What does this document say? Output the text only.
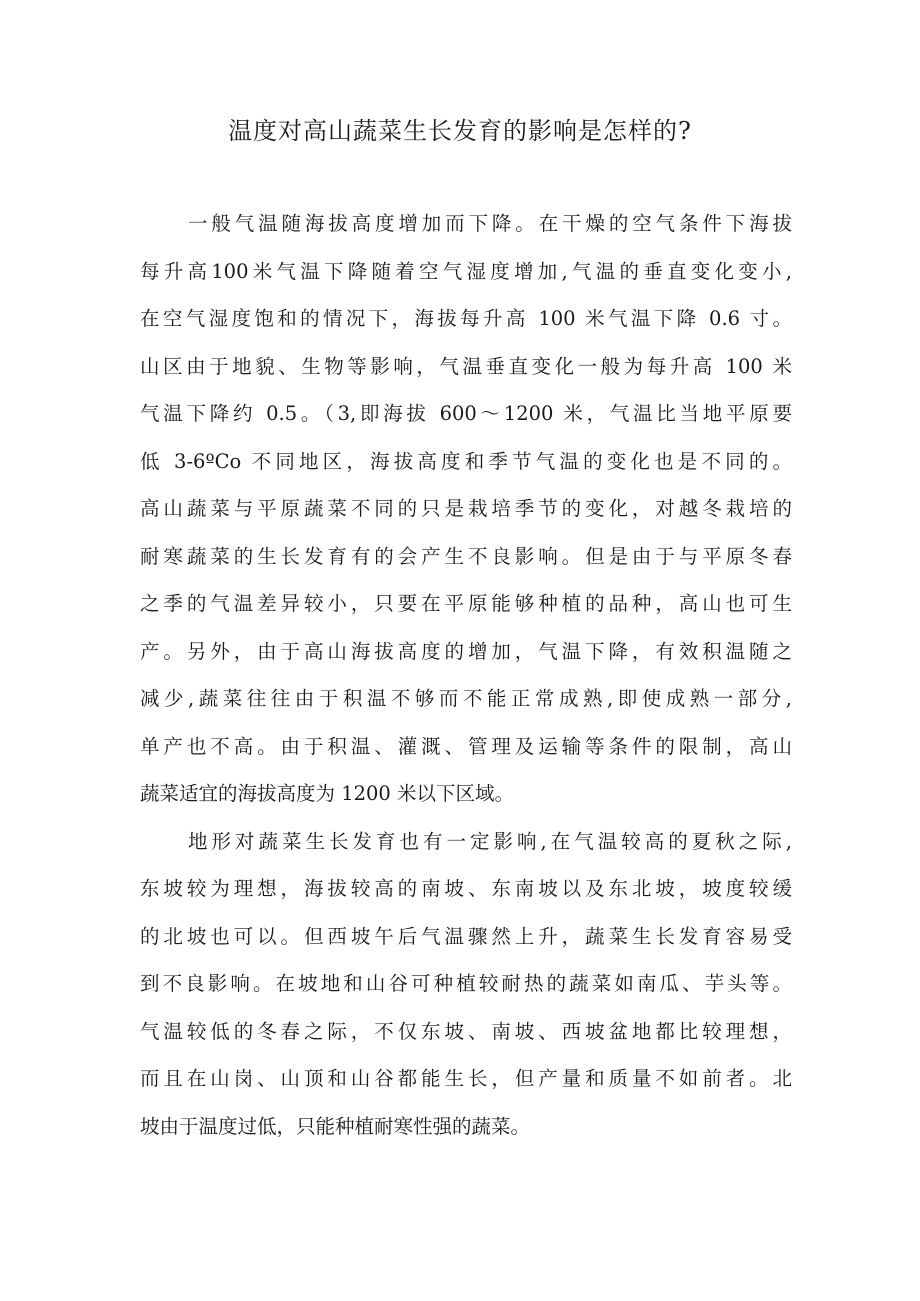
温度对高山蔬菜生长发育的影响是怎样的?
一般气温随海拔高度增加而下降。在干燥的空气条件下海拔
每升高100米气温下降随着空气湿度增加,气温的垂直变化变小,
在空气湿度饱和的情况下，海拔每升高 100 米气温下降 0.6 寸。
山区由于地貌、生物等影响，气温垂直变化一般为每升高 100 米
气温下降约 0.5。（3,即海拔 600～1200 米，气温比当地平原要
低 3-6ºCo 不同地区，海拔高度和季节气温的变化也是不同的。
高山蔬菜与平原蔬菜不同的只是栽培季节的变化，对越冬栽培的
耐寒蔬菜的生长发育有的会产生不良影响。但是由于与平原冬春
之季的气温差异较小，只要在平原能够种植的品种，高山也可生
产。另外，由于高山海拔高度的增加，气温下降，有效积温随之
减少,蔬菜往往由于积温不够而不能正常成熟,即使成熟一部分,
单产也不高。由于积温、灌溉、管理及运输等条件的限制，高山
蔬菜适宜的海拔高度为 1200 米以下区域。
地形对蔬菜生长发育也有一定影响,在气温较高的夏秋之际,
东坡较为理想，海拔较高的南坡、东南坡以及东北坡，坡度较缓
的北坡也可以。但西坡午后气温骤然上升，蔬菜生长发育容易受
到不良影响。在坡地和山谷可种植较耐热的蔬菜如南瓜、芋头等。
气温较低的冬春之际，不仅东坡、南坡、西坡盆地都比较理想，
而且在山岗、山顶和山谷都能生长，但产量和质量不如前者。北
坡由于温度过低，只能种植耐寒性强的蔬菜。
